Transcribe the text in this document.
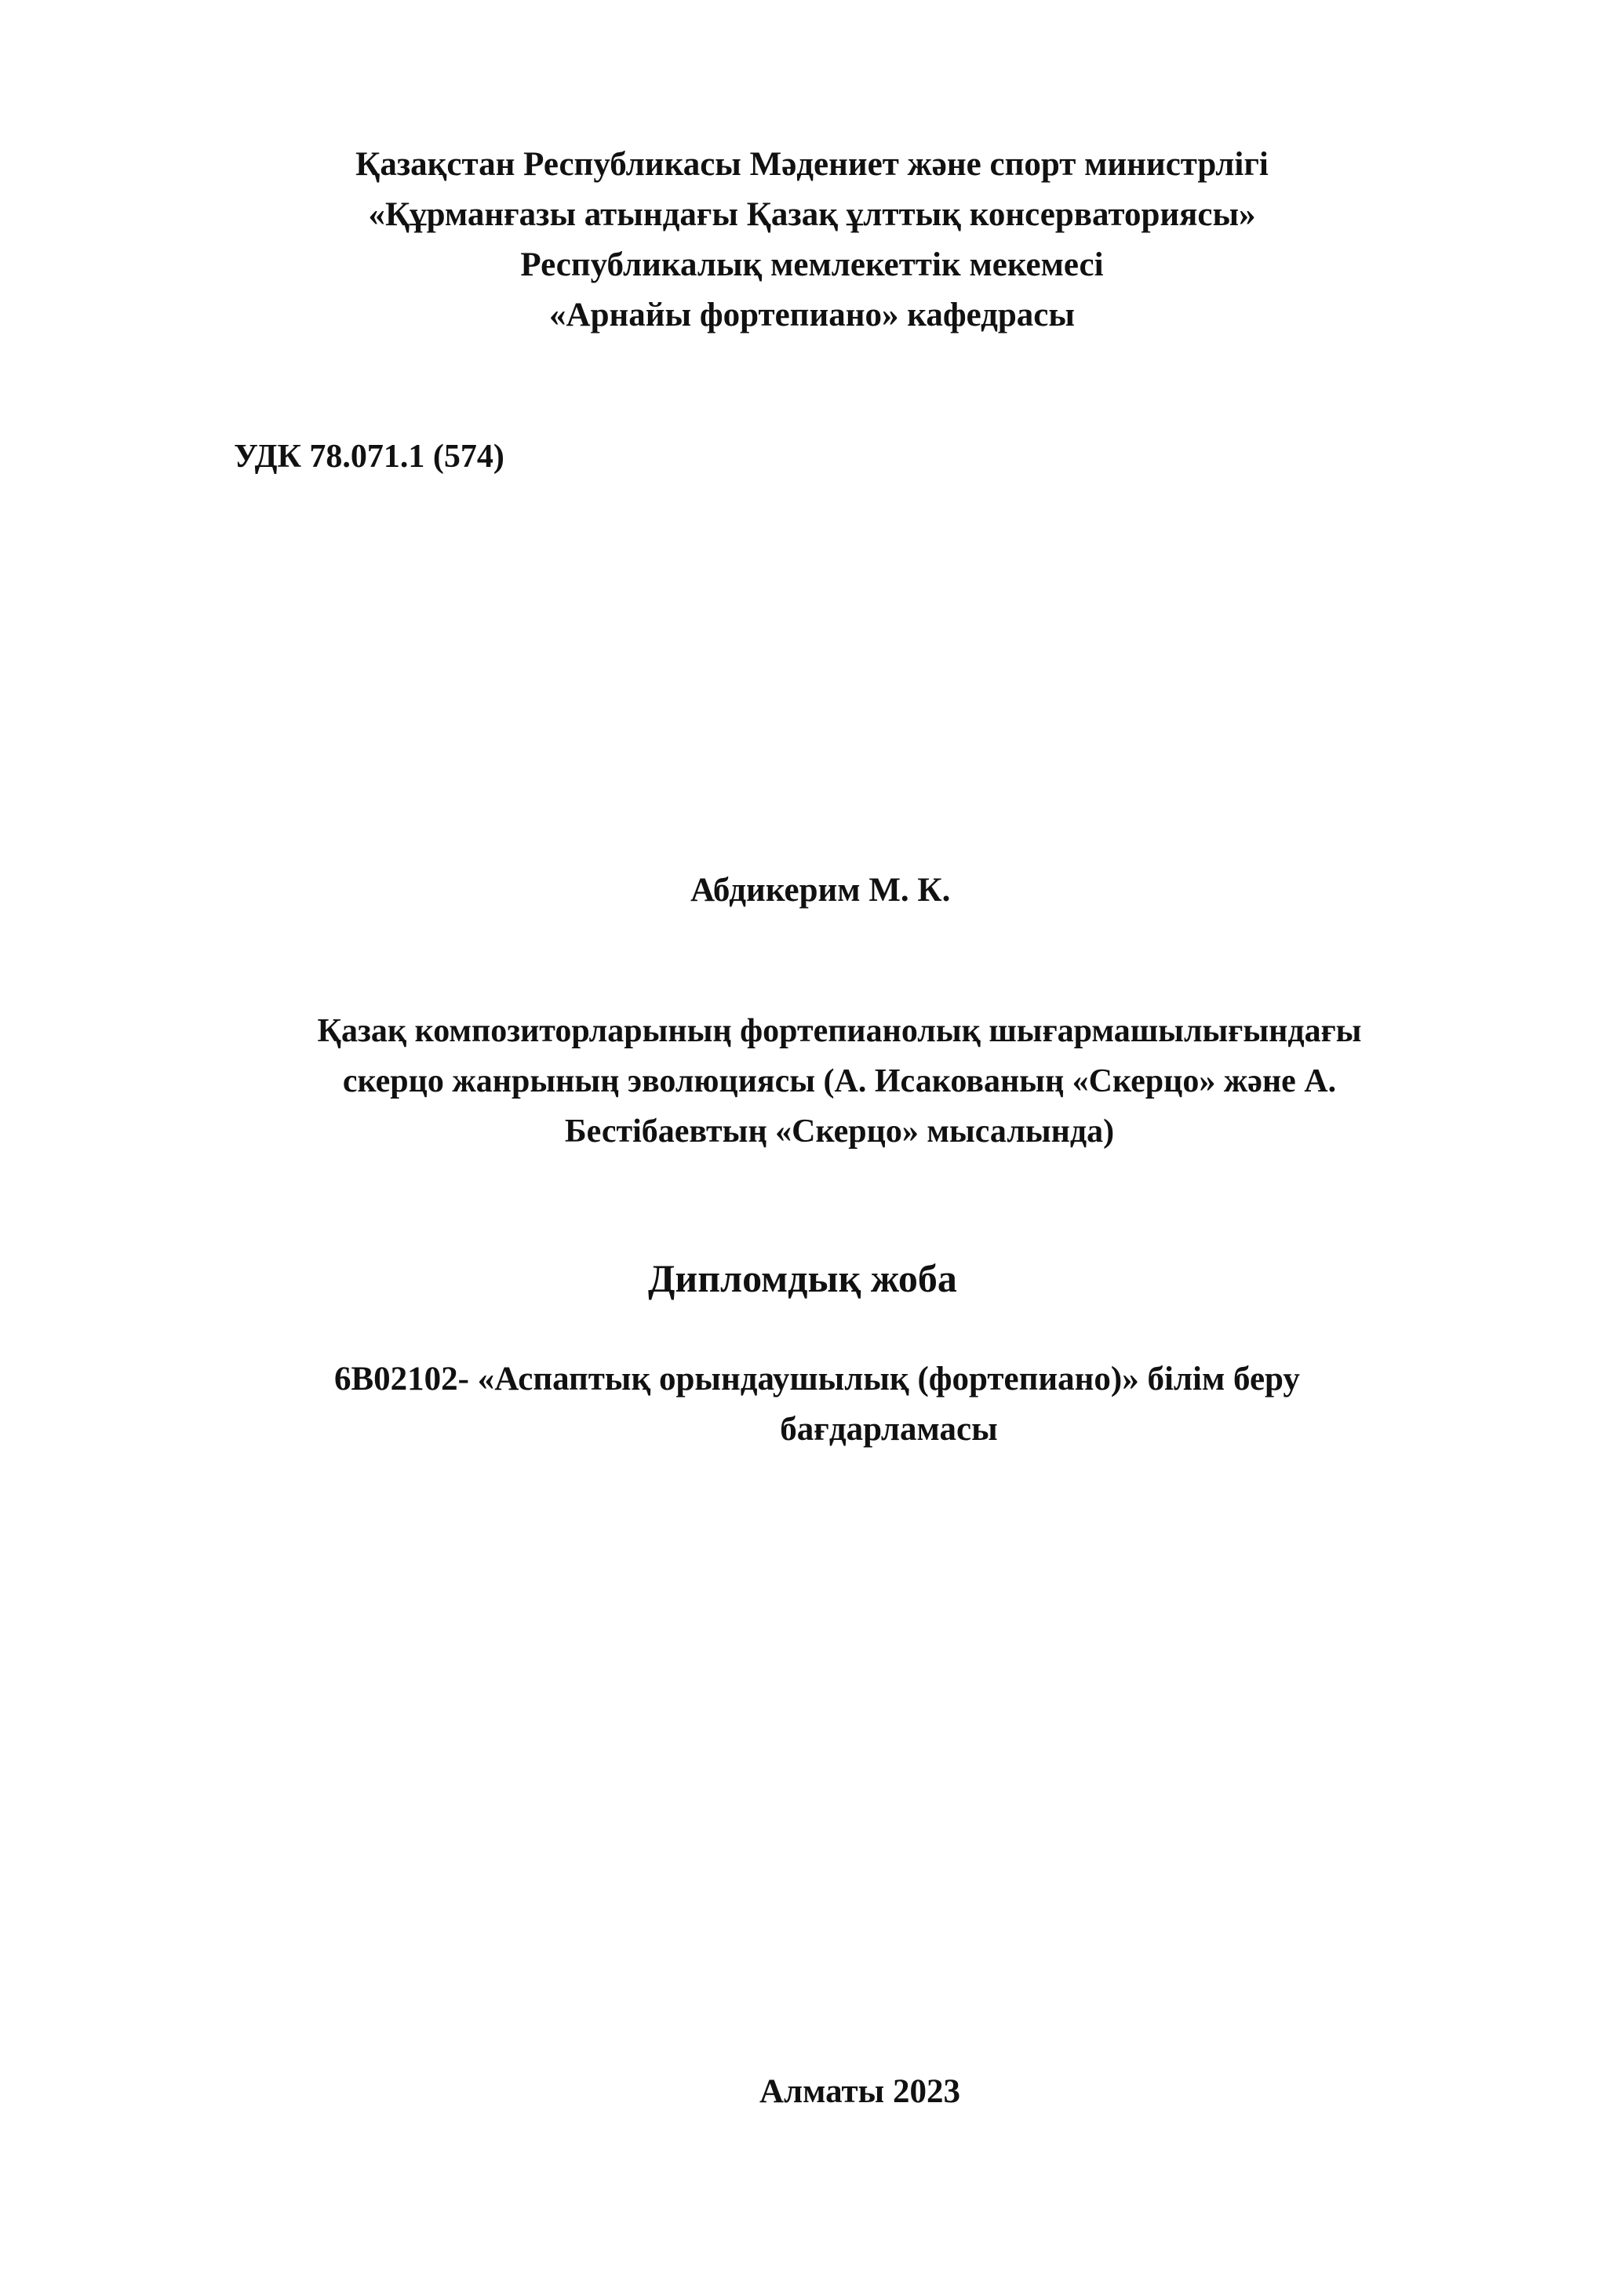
Қазақстан Республикасы Мәдениет және спорт министрлігі
«Құрманғазы атындағы Қазақ ұлттық консерваториясы»
Республикалық мемлекеттік мекемесі
«Арнайы фортепиано» кафедрасы
УДК 78.071.1 (574)
Абдикерим М. К.
Қазақ композиторларының фортепианолық шығармашылығындағы
скерцо жанрының эволюциясы (А. Исакованың «Скерцо» және А.
Бестібаевтың «Скерцо» мысалында)
Дипломдық жоба
6В02102- «Аспаптық орындаушылық (фортепиано)» білім беру
бағдарламасы
Алматы 2023
